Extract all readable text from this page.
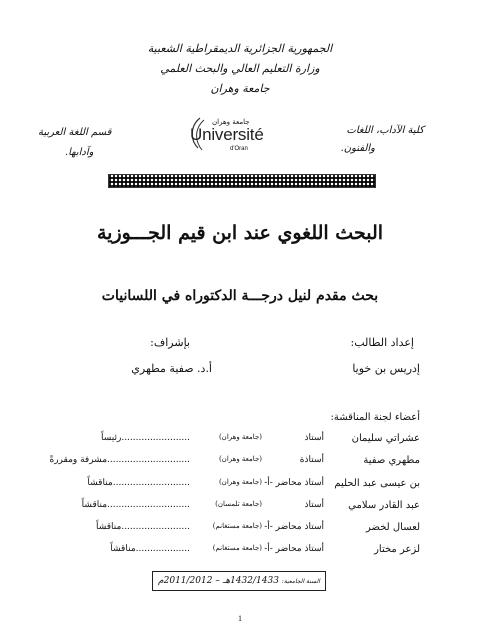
الجمهورية الجزائرية الديمقراطية الشعبية
وزارة التعليم العالي والبحث العلمي
جامعة وهران
كلية الآداب، اللغات
والفنون.
قسم اللغة العربية
وآدابها.
جامعة وهران
Université
d'Oran
البحث اللغوي عند ابن قيم الجـــوزية
بحث مقدم لنيل درجـــة الدكتوراه في اللسانيات
إعداد الطالب:
بإشراف:
إدريس بن خويا
أ.د. صفية مطهري
أعضاء لجنة المناقشة:
عشراتي سليمان
أستاذ
(جامعة وهران)
........................رئيساً
مطهري صفية
أستاذة
(جامعة وهران)
.............................مشرفة ومقررةً
بن عيسى عبد الحليم
أستاذ محاضر -أ-
(جامعة وهران)
...........................مناقشاً
عبد القادر سلامي
أستاذ
(جامعة تلمسان)
.............................مناقشاً
لعسال لخضر
أستاذ محاضر -أ-
(جامعة مستغانم)
........................مناقشاً
لزعر مختار
أستاذ محاضر -أ-
(جامعة مستغانم)
...................مناقشاً
السنة الجامعية: 1432/1433هـ – 2011/2012م
1
